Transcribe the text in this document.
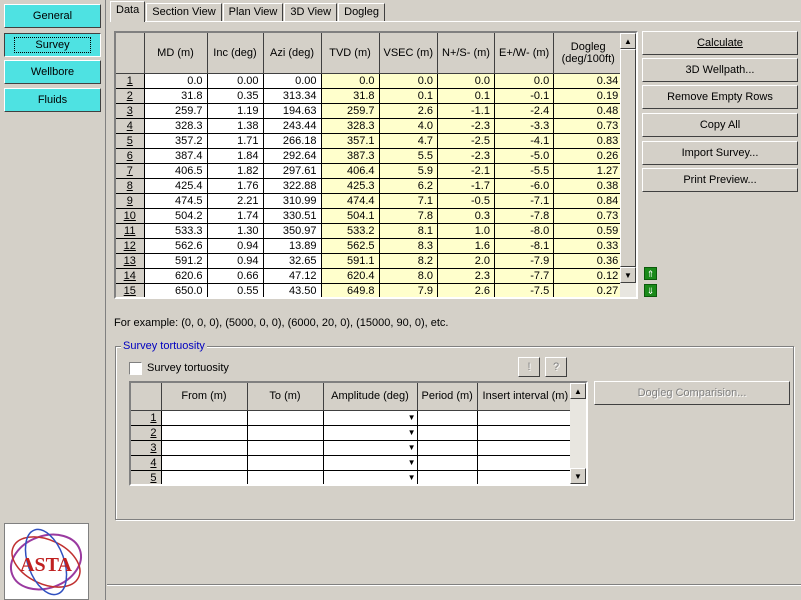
General
Survey
Wellbore
Fluids
ASTA
Data	Section View	Plan View	3D View	Dogleg
	MD (m)	Inc (deg)	Azi (deg)	TVD (m)	VSEC (m)	N+/S- (m)	E+/W- (m)	Dogleg (deg/100ft)
1	0.0	0.00	0.00	0.0	0.0	0.0	0.0	0.34
2	31.8	0.35	313.34	31.8	0.1	0.1	-0.1	0.19
3	259.7	1.19	194.63	259.7	2.6	-1.1	-2.4	0.48
4	328.3	1.38	243.44	328.3	4.0	-2.3	-3.3	0.73
5	357.2	1.71	266.18	357.1	4.7	-2.5	-4.1	0.83
6	387.4	1.84	292.64	387.3	5.5	-2.3	-5.0	0.26
7	406.5	1.82	297.61	406.4	5.9	-2.1	-5.5	1.27
8	425.4	1.76	322.88	425.3	6.2	-1.7	-6.0	0.38
9	474.5	2.21	310.99	474.4	7.1	-0.5	-7.1	0.84
10	504.2	1.74	330.51	504.1	7.8	0.3	-7.8	0.73
11	533.3	1.30	350.97	533.2	8.1	1.0	-8.0	0.59
12	562.6	0.94	13.89	562.5	8.3	1.6	-8.1	0.33
13	591.2	0.94	32.65	591.1	8.2	2.0	-7.9	0.36
14	620.6	0.66	47.12	620.4	8.0	2.3	-7.7	0.12
15	650.0	0.55	43.50	649.8	7.9	2.6	-7.5	0.27
▲
▼
Calculate
3D Wellpath...
Remove Empty Rows
Copy All
Import Survey...
Print Preview...
⇑
⇓
For example: (0, 0, 0), (5000, 0, 0), (6000, 20, 0), (15000, 90, 0), etc.
Survey tortuosity
Survey tortuosity	!	?
	From (m)	To (m)	Amplitude (deg)	Period (m)	Insert interval (m)
1			▼		

2			▼		

3			▼		

4			▼		

5			▼		

▲
▼
Dogleg Comparision...
